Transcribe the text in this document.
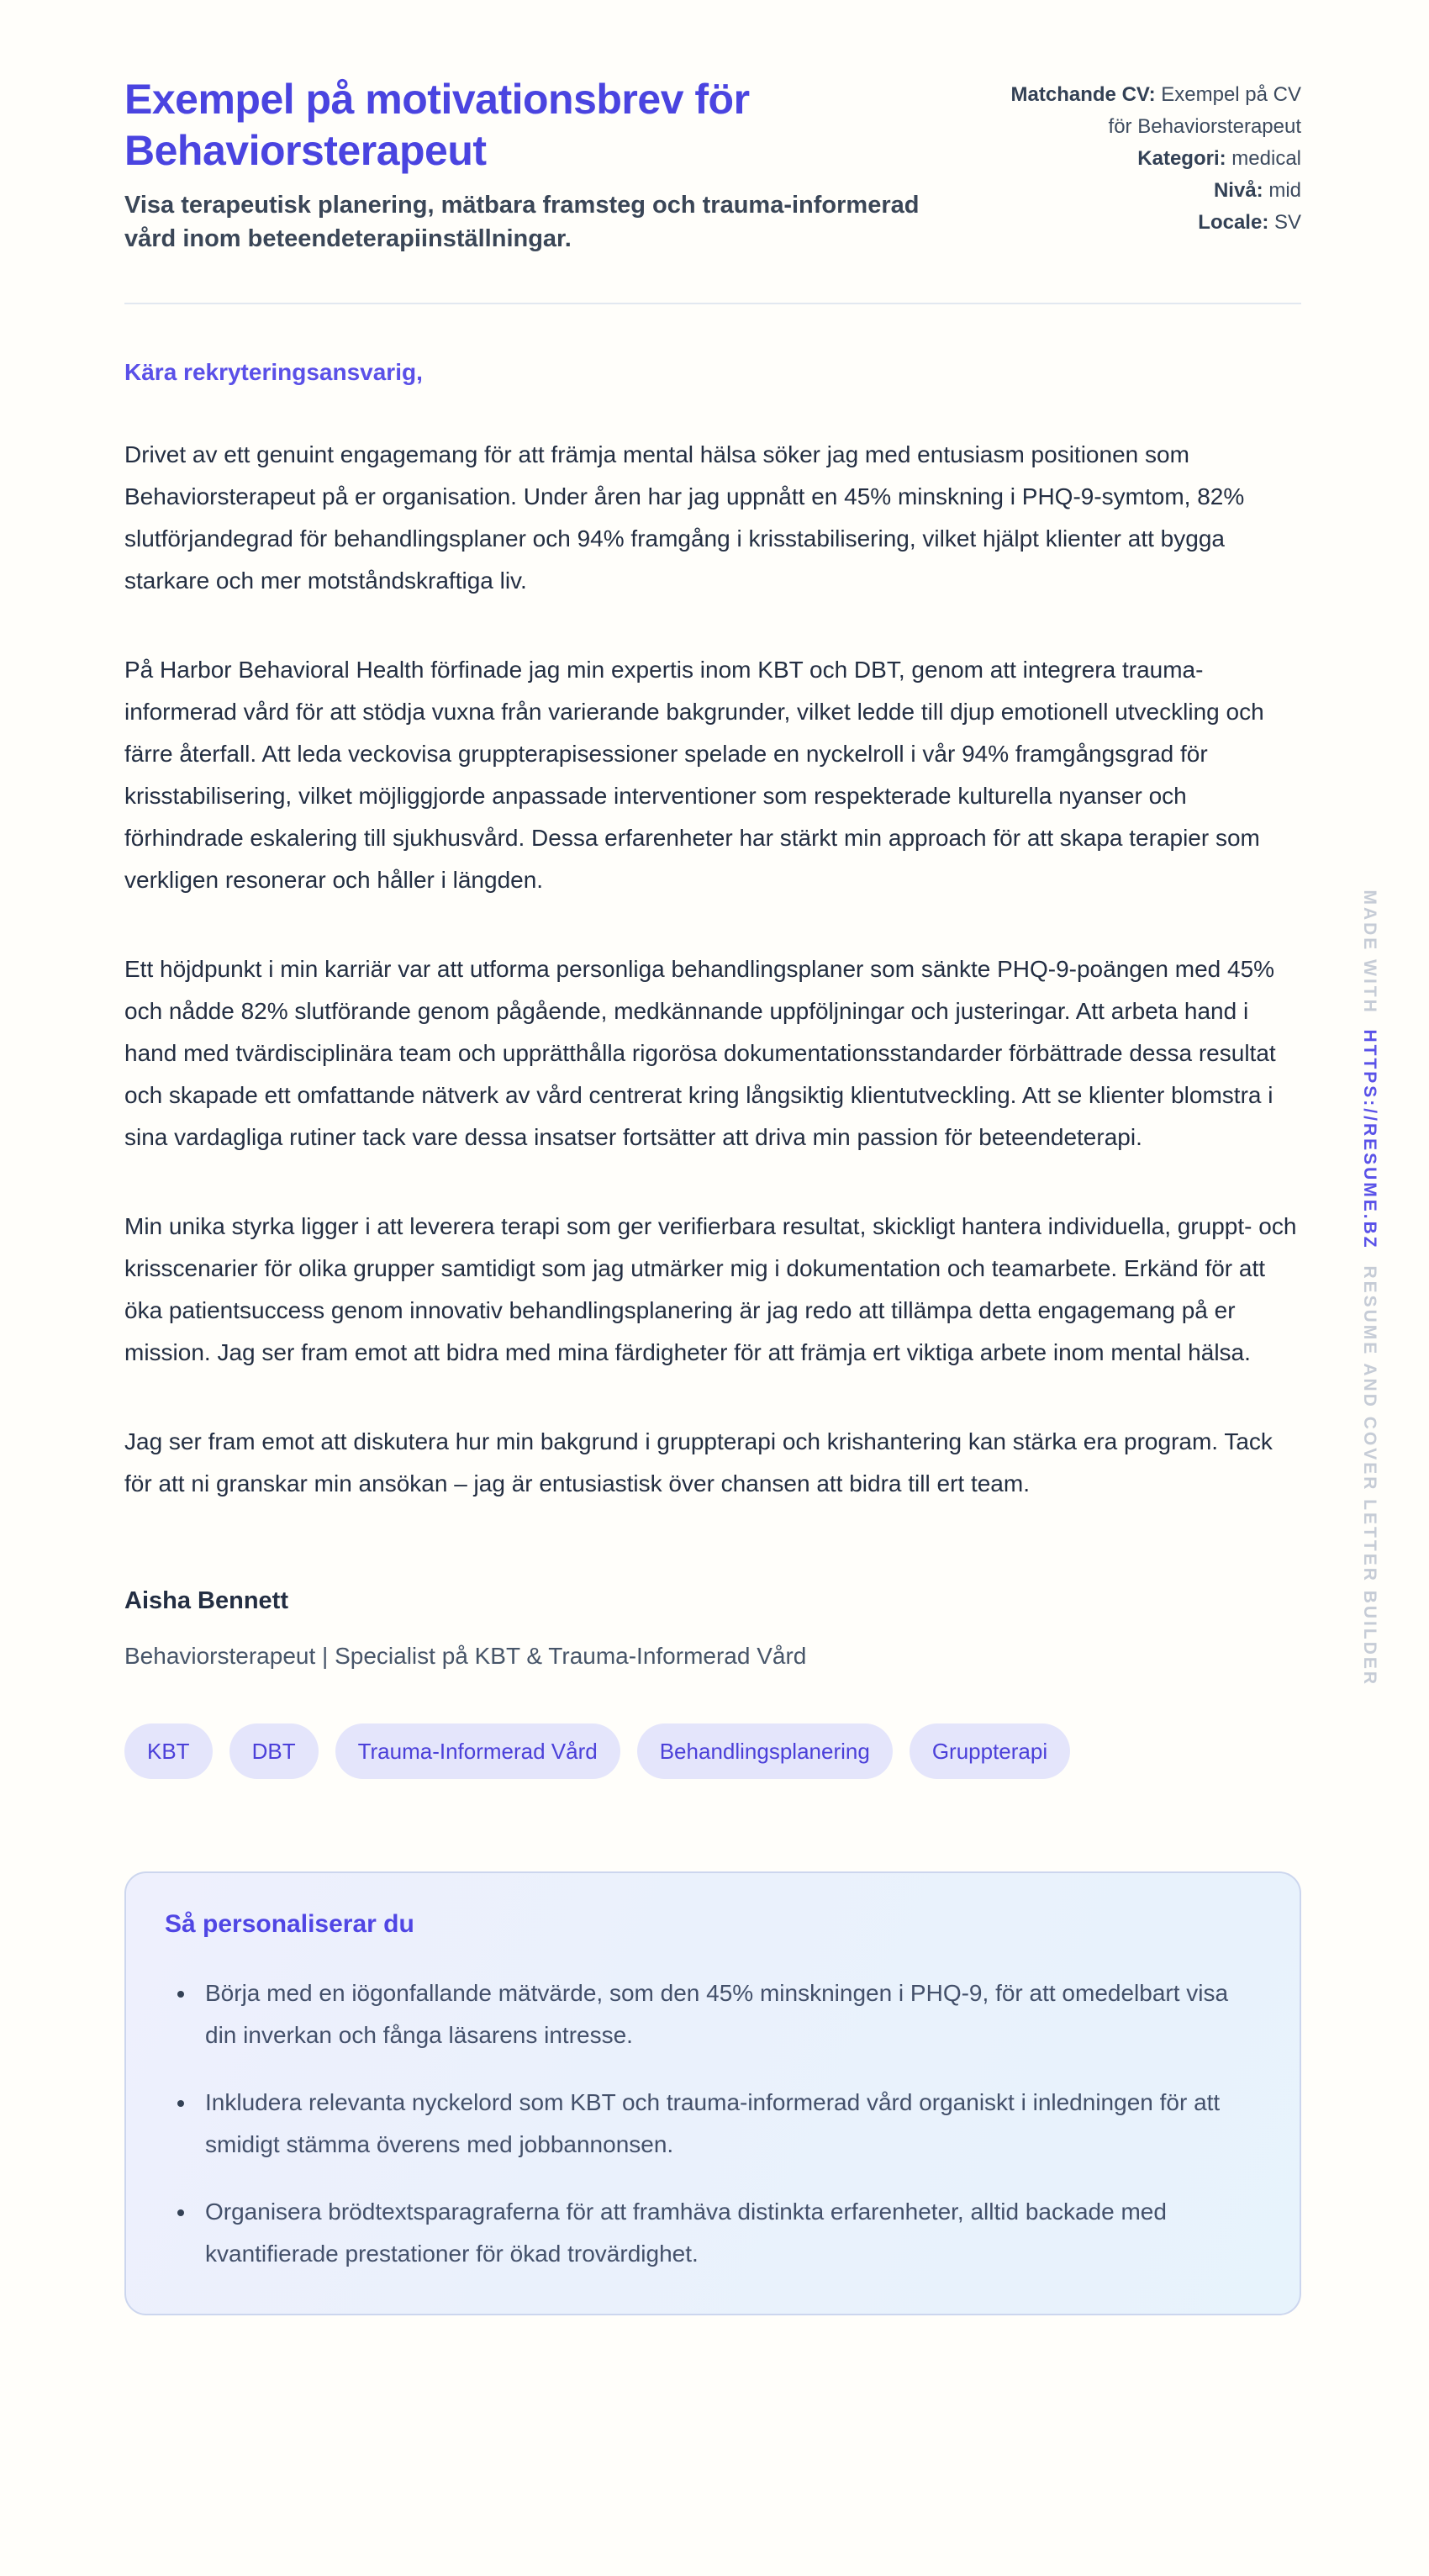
Exempel på motivationsbrev för Behaviorsterapeut

Visa terapeutisk planering, mätbara framsteg och trauma-informerad vård inom beteendeterapiinställningar.

Matchande CV: Exempel på CV för Behaviorsterapeut
Kategori: medical
Nivå: mid
Locale: SV

Kära rekryteringsansvarig,

Drivet av ett genuint engagemang för att främja mental hälsa söker jag med entusiasm positionen som Behaviorsterapeut på er organisation. Under åren har jag uppnått en 45% minskning i PHQ-9-symtom, 82% slutförjandegrad för behandlingsplaner och 94% framgång i krisstabilisering, vilket hjälpt klienter att bygga starkare och mer motståndskraftiga liv.

På Harbor Behavioral Health förfinade jag min expertis inom KBT och DBT, genom att integrera trauma-informerad vård för att stödja vuxna från varierande bakgrunder, vilket ledde till djup emotionell utveckling och färre återfall. Att leda veckovisa gruppterapisessioner spelade en nyckelroll i vår 94% framgångsgrad för krisstabilisering, vilket möjliggjorde anpassade interventioner som respekterade kulturella nyanser och förhindrade eskalering till sjukhusvård. Dessa erfarenheter har stärkt min approach för att skapa terapier som verkligen resonerar och håller i längden.

Ett höjdpunkt i min karriär var att utforma personliga behandlingsplaner som sänkte PHQ-9-poängen med 45% och nådde 82% slutförande genom pågående, medkännande uppföljningar och justeringar. Att arbeta hand i hand med tvärdisciplinära team och upprätthålla rigorösa dokumentationsstandarder förbättrade dessa resultat och skapade ett omfattande nätverk av vård centrerat kring långsiktig klientutveckling. Att se klienter blomstra i sina vardagliga rutiner tack vare dessa insatser fortsätter att driva min passion för beteendeterapi.

Min unika styrka ligger i att leverera terapi som ger verifierbara resultat, skickligt hantera individuella, gruppt- och krisscenarier för olika grupper samtidigt som jag utmärker mig i dokumentation och teamarbete. Erkänd för att öka patientsuccess genom innovativ behandlingsplanering är jag redo att tillämpa detta engagemang på er mission. Jag ser fram emot att bidra med mina färdigheter för att främja ert viktiga arbete inom mental hälsa.

Jag ser fram emot att diskutera hur min bakgrund i gruppterapi och krishantering kan stärka era program. Tack för att ni granskar min ansökan – jag är entusiastisk över chansen att bidra till ert team.

Aisha Bennett

Behaviorsterapeut | Specialist på KBT & Trauma-Informerad Vård

KBT	DBT	Trauma-Informerad Vård	Behandlingsplanering	Gruppterapi
Så personaliserar du
• Börja med en iögonfallande mätvärde, som den 45% minskningen i PHQ-9, för att omedelbart visa din inverkan och fånga läsarens intresse.
• Inkludera relevanta nyckelord som KBT och trauma-informerad vård organiskt i inledningen för att smidigt stämma överens med jobbannonsen.
• Organisera brödtextsparagraferna för att framhäva distinkta erfarenheter, alltid backade med kvantifierade prestationer för ökad trovärdighet.
MADE WITHHTTPS://RESUME.BZRESUME AND COVER LETTER BUILDER
